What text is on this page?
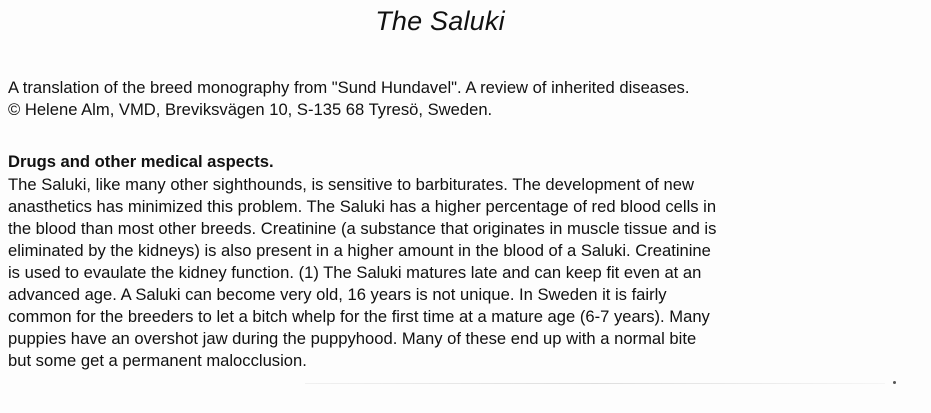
The Saluki
A translation of the breed monography from "Sund Hundavel". A review of inherited diseases.
© Helene Alm, VMD, Breviksvägen 10, S-135 68 Tyresö, Sweden.
Drugs and other medical aspects.
The Saluki, like many other sighthounds, is sensitive to barbiturates. The development of new
anasthetics has minimized this problem. The Saluki has a higher percentage of red blood cells in
the blood than most other breeds. Creatinine (a substance that originates in muscle tissue and is
eliminated by the kidneys) is also present in a higher amount in the blood of a Saluki. Creatinine
is used to evaulate the kidney function. (1) The Saluki matures late and can keep fit even at an
advanced age. A Saluki can become very old, 16 years is not unique. In Sweden it is fairly
common for the breeders to let a bitch whelp for the first time at a mature age (6-7 years). Many
puppies have an overshot jaw during the puppyhood. Many of these end up with a normal bite
but some get a permanent malocclusion.
